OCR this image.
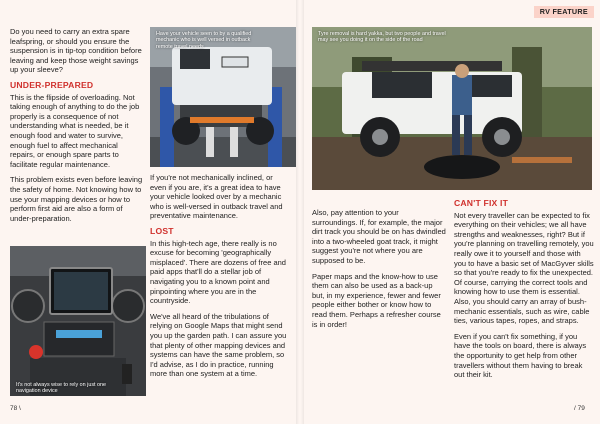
Do you need to carry an extra spare leafspring, or should you ensure the suspension is in tip-top condition before leaving and keep those weight savings up your sleeve?

UNDER-PREPARED

This is the flipside of overloading. Not taking enough of anything to do the job properly is a consequence of not understanding what is needed, be it enough food and water to survive, enough fuel to affect mechanical repairs, or enough spare parts to facilitate regular maintenance.

This problem exists even before leaving the safety of home. Not knowing how to use your mapping devices or how to perform first aid are also a form of under-preparation.

Have your vehicle seen to by a qualified mechanic who is well versed in outback remote travel needs

If you're not mechanically inclined, or even if you are, it's a great idea to have your vehicle looked over by a mechanic who is well-versed in outback travel and preventative maintenance.

LOST

In this high-tech age, there really is no excuse for becoming 'geographically misplaced'. There are dozens of free and paid apps that'll do a stellar job of navigating you to a known point and pinpointing where you are in the countryside.

We've all heard of the tribulations of relying on Google Maps that might send you up the garden path. I can assure you that plenty of other mapping devices and systems can have the same problem, so I'd advise, as I do in practice, running more than one system at a time.

It's not always wise to rely on just one navigation device
78 \
RV FEATURE
Tyre removal is hard yakka, but two people and travel may see you doing it on the side of the road

Also, pay attention to your surroundings. If, for example, the major dirt track you should be on has dwindled into a two-wheeled goat track, it might suggest you're not where you are supposed to be.

Paper maps and the know-how to use them can also be used as a back-up but, in my experience, fewer and fewer people either bother or know how to read them. Perhaps a refresher course is in order!

CAN'T FIX IT

Not every traveller can be expected to fix everything on their vehicles; we all have strengths and weaknesses, right? But if you're planning on travelling remotely, you really owe it to yourself and those with you to have a basic set of MacGyver skills so that you're ready to fix the unexpected. Of course, carrying the correct tools and knowing how to use them is essential. Also, you should carry an array of bush-mechanic essentials, such as wire, cable ties, various tapes, ropes, and straps.

Even if you can't fix something, if you have the tools on board, there is always the opportunity to get help from other travellers without them having to break out their kit.

/ 79
